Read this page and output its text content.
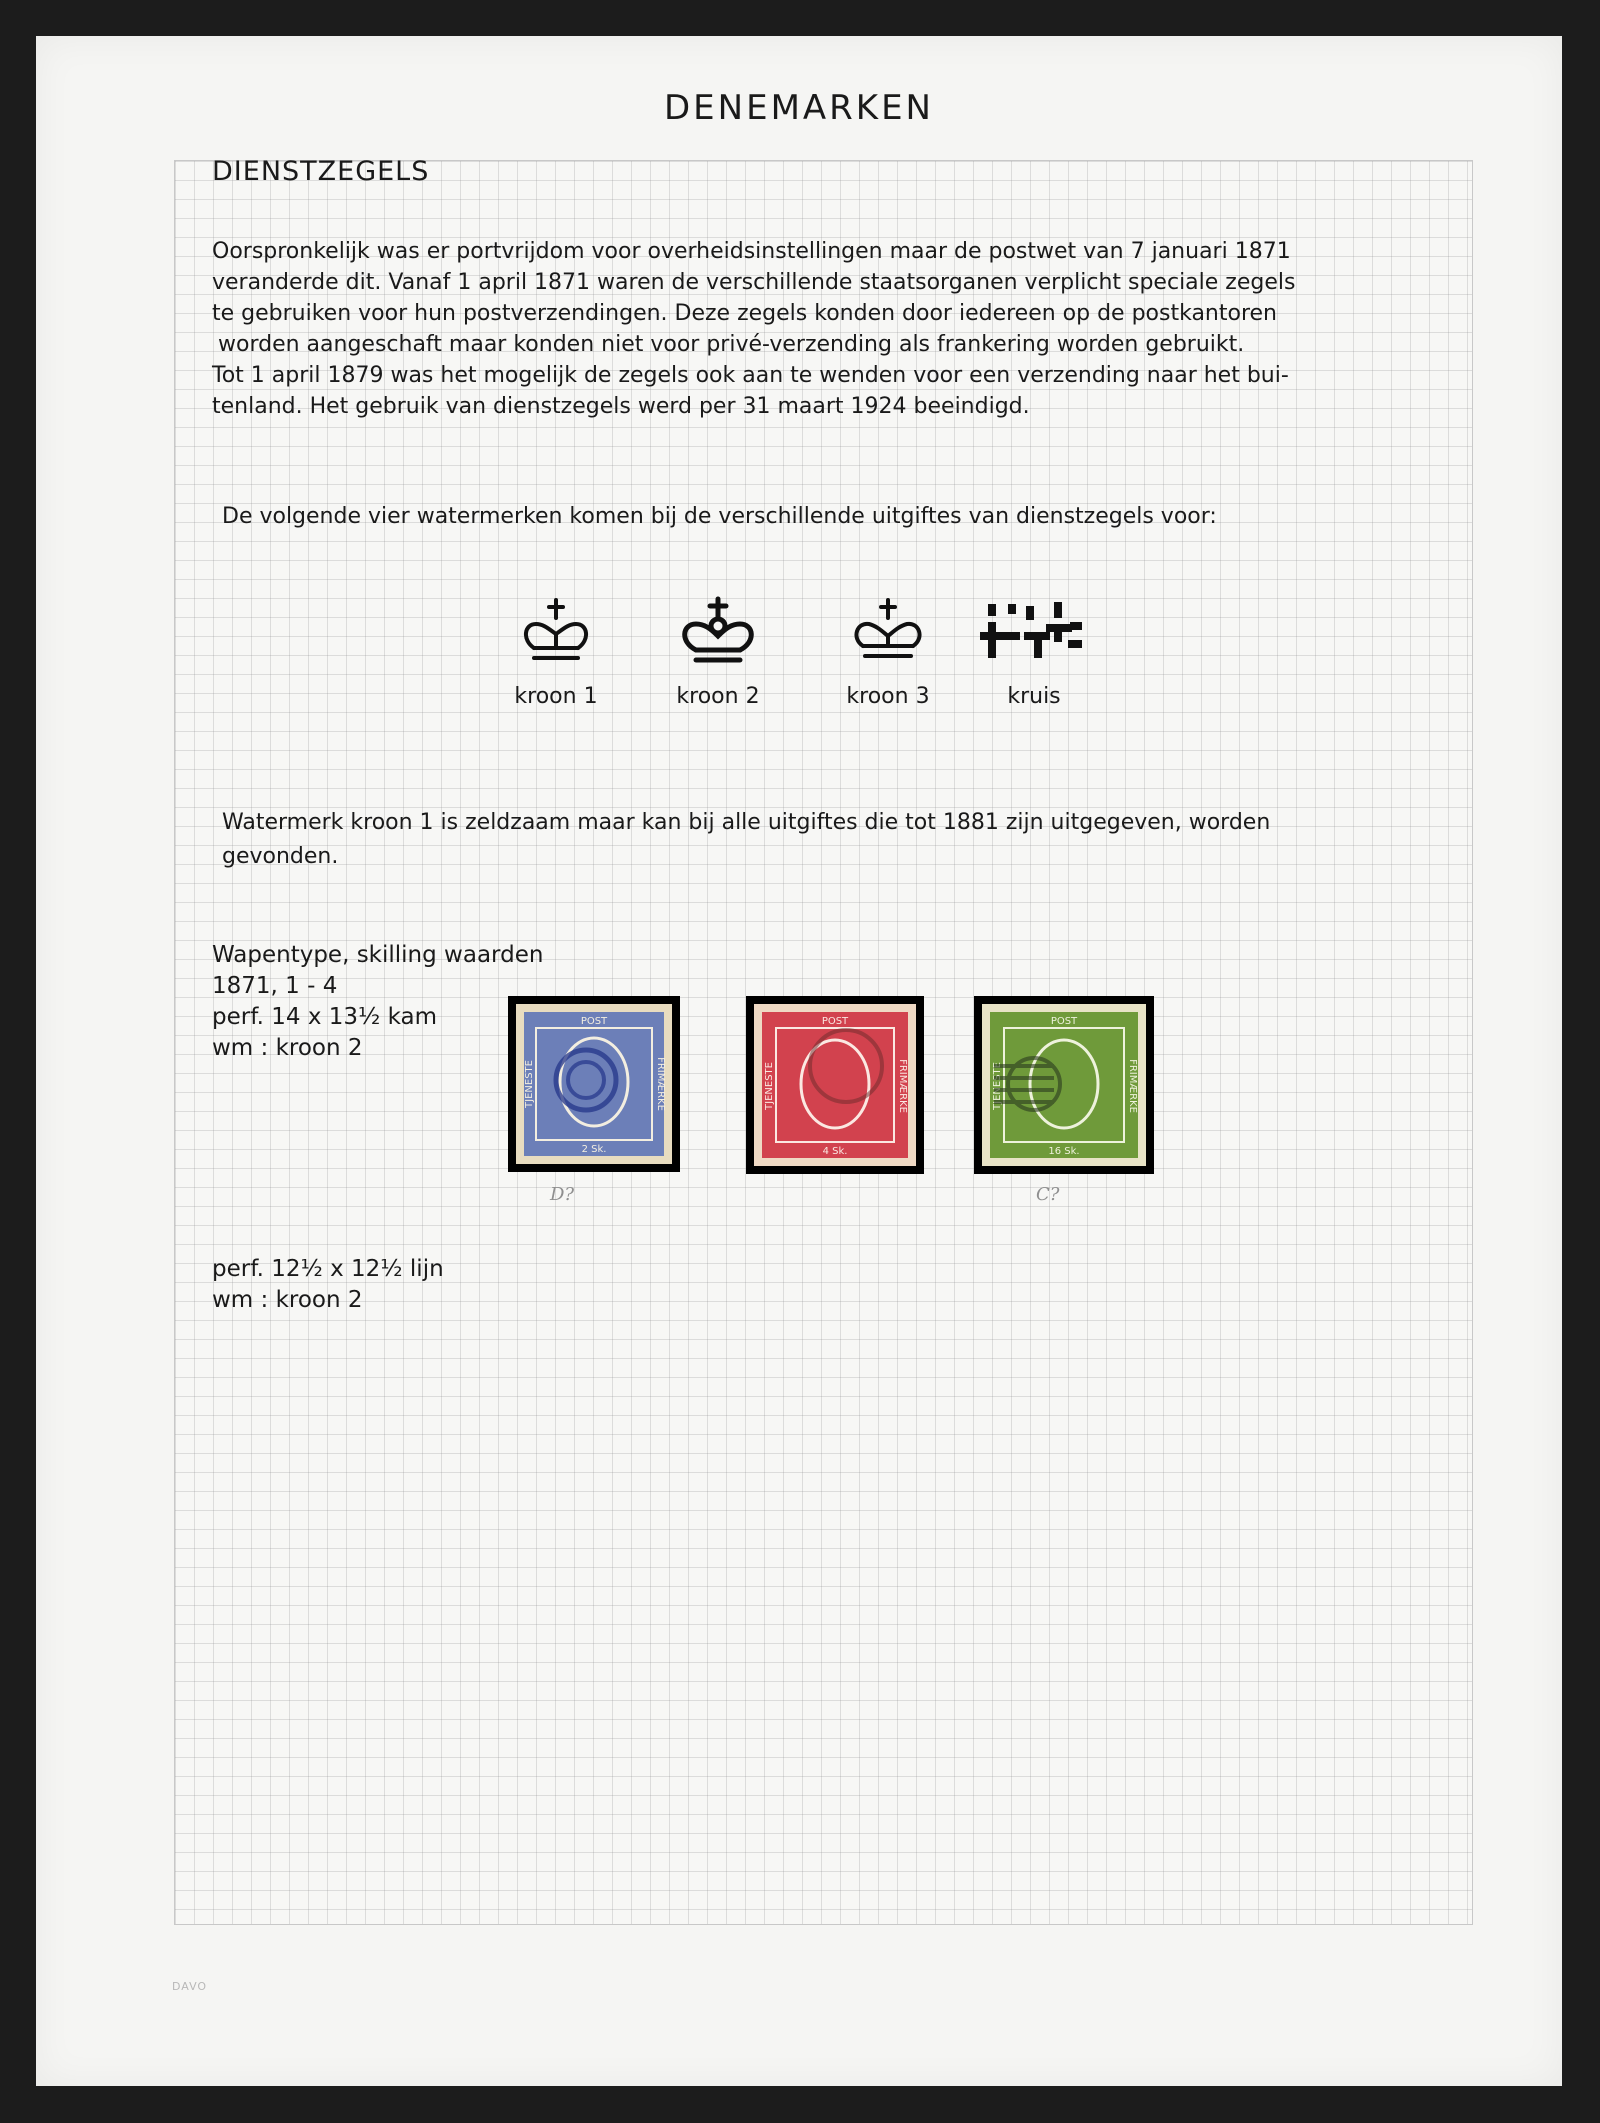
DENEMARKEN
DIENSTZEGELS
Oorspronkelijk was er portvrijdom voor overheidsinstellingen maar de postwet van 7 januari 1871
veranderde dit. Vanaf 1 april 1871 waren de verschillende staatsorganen verplicht speciale zegels
te gebruiken voor hun postverzendingen. Deze zegels konden door iedereen op de postkantoren
worden aangeschaft maar konden niet voor privé-verzending als frankering worden gebruikt.
Tot 1 april 1879 was het mogelijk de zegels ook aan te wenden voor een verzending naar het bui-
tenland. Het gebruik van dienstzegels werd per 31 maart 1924 beeindigd.
De volgende vier watermerken komen bij de verschillende uitgiftes van dienstzegels voor:
kroon 1	kroon 2	kroon 3	kruis
Watermerk kroon 1 is zeldzaam maar kan bij alle uitgiftes die tot 1881 zijn uitgegeven, worden
gevonden.
Wapentype, skilling waarden
1871, 1 - 4
perf. 14 x 13½ kam
wm : kroon 2
POST
TJENESTE	FRIMÆRKE
2 Sk.
D?
POST
TJENESTE	FRIMÆRKE
4 Sk.
POST
TJENESTE	FRIMÆRKE
16 Sk.
C?
perf. 12½ x 12½ lijn
wm : kroon 2
DAVO
